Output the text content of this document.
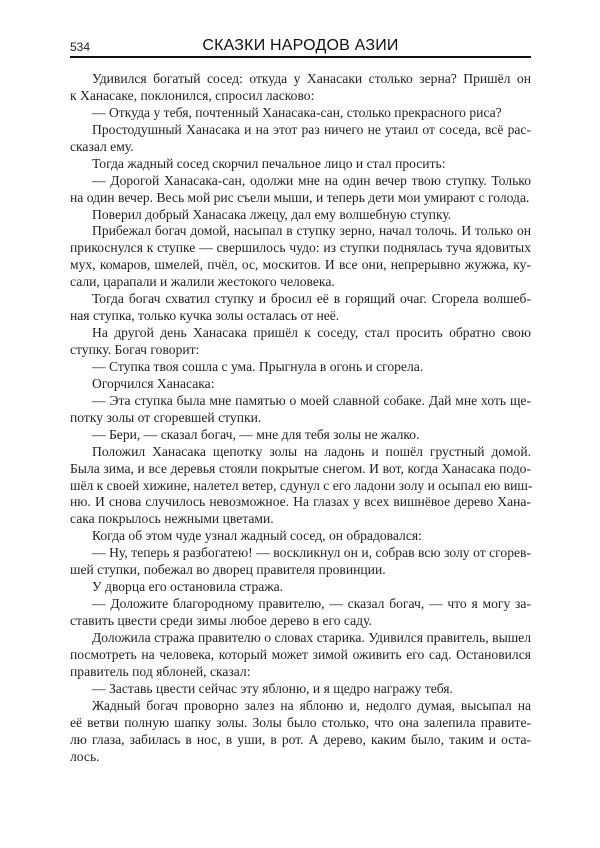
534	СКАЗКИ НАРОДОВ АЗИИ
Удивился богатый сосед: откуда у Ханасаки столько зерна? Пришёл он
к Ханасаке, поклонился, спросил ласково:
— Откуда у тебя, почтенный Ханасака-сан, столько прекрасного риса?
Простодушный Ханасака и на этот раз ничего не утаил от соседа, всё рас-
сказал ему.
Тогда жадный сосед скорчил печальное лицо и стал просить:
— Дорогой Ханасака-сан, одолжи мне на один вечер твою ступку. Только
на один вечер. Весь мой рис съели мыши, и теперь дети мои умирают с голода.
Поверил добрый Ханасака лжецу, дал ему волшебную ступку.
Прибежал богач домой, насыпал в ступку зерно, начал толочь. И только он
прикоснулся к ступке — свершилось чудо: из ступки поднялась туча ядовитых
мух, комаров, шмелей, пчёл, ос, москитов. И все они, непрерывно жужжа, ку-
сали, царапали и жалили жестокого человека.
Тогда богач схватил ступку и бросил её в горящий очаг. Сгорела волшеб-
ная ступка, только кучка золы осталась от неё.
На другой день Ханасака пришёл к соседу, стал просить обратно свою
ступку. Богач говорит:
— Ступка твоя сошла с ума. Прыгнула в огонь и сгорела.
Огорчился Ханасака:
— Эта ступка была мне памятью о моей славной собаке. Дай мне хоть ще-
потку золы от сгоревшей ступки.
— Бери, — сказал богач, — мне для тебя золы не жалко.
Положил Ханасака щепотку золы на ладонь и пошёл грустный домой.
Была зима, и все деревья стояли покрытые снегом. И вот, когда Ханасака подо-
шёл к своей хижине, налетел ветер, сдунул с его ладони золу и осыпал ею виш-
ню. И снова случилось невозможное. На глазах у всех вишнёвое дерево Хана-
сака покрылось нежными цветами.
Когда об этом чуде узнал жадный сосед, он обрадовался:
— Ну, теперь я разбогатею! — воскликнул он и, собрав всю золу от сгорев-
шей ступки, побежал во дворец правителя провинции.
У дворца его остановила стража.
— Доложите благородному правителю, — сказал богач, — что я могу за-
ставить цвести среди зимы любое дерево в его саду.
Доложила стража правителю о словах старика. Удивился правитель, вышел
посмотреть на человека, который может зимой оживить его сад. Остановился
правитель под яблоней, сказал:
— Заставь цвести сейчас эту яблоню, и я щедро награжу тебя.
Жадный богач проворно залез на яблоню и, недолго думая, высыпал на
её ветви полную шапку золы. Золы было столько, что она залепила правите-
лю глаза, забилась в нос, в уши, в рот. А дерево, каким было, таким и оста-
лось.
